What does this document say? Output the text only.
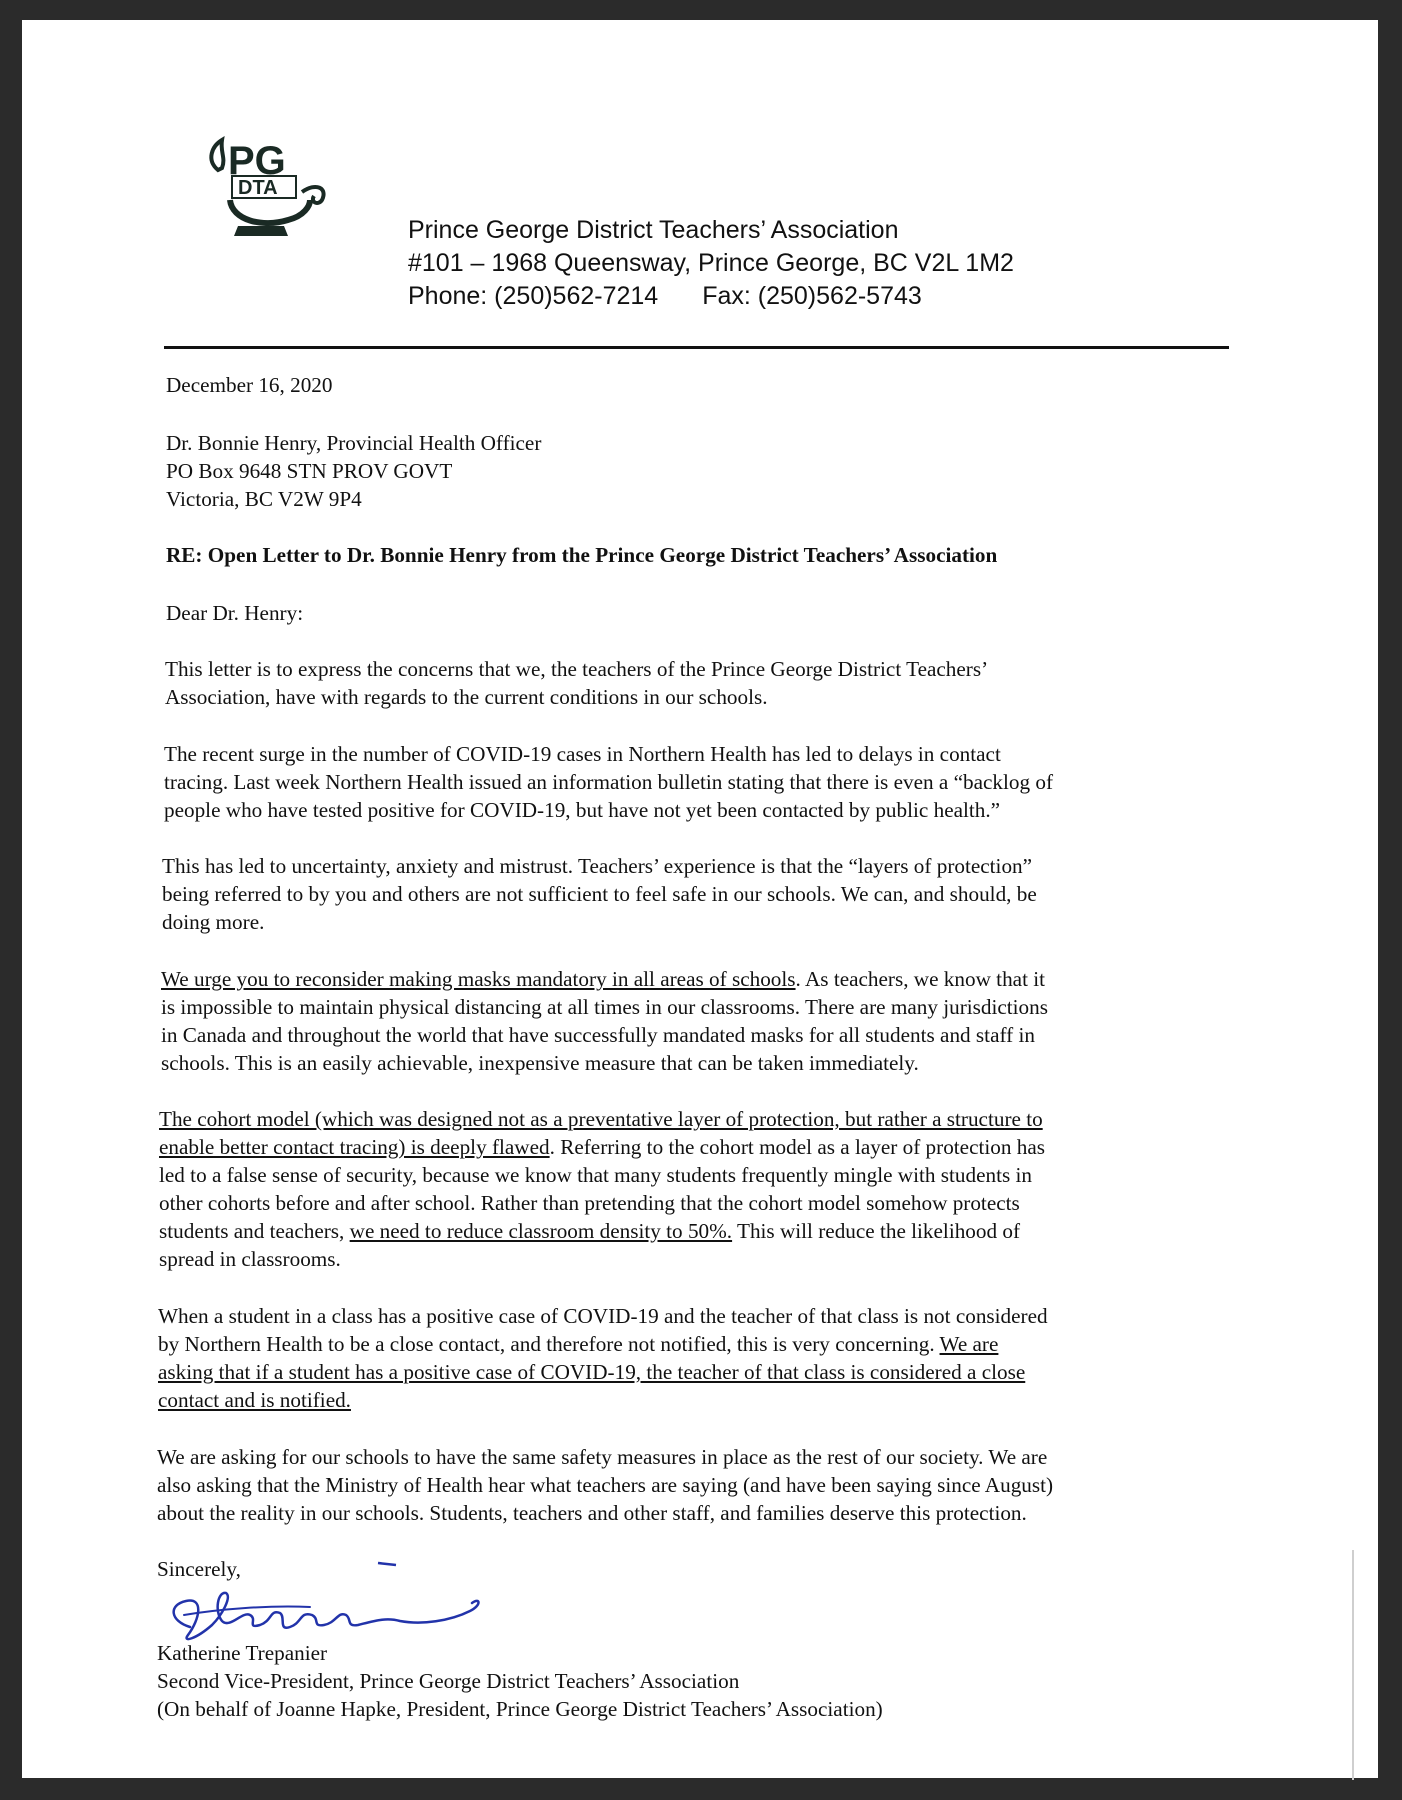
PG
DTA
Prince George District Teachers’ Association
#101 – 1968 Queensway, Prince George, BC V2L 1M2
Phone: (250)562-7214 Fax: (250)562-5743
December 16, 2020
Dr. Bonnie Henry, Provincial Health Officer
PO Box 9648 STN PROV GOVT
Victoria, BC V2W 9P4
RE: Open Letter to Dr. Bonnie Henry from the Prince George District Teachers’ Association
Dear Dr. Henry:
This letter is to express the concerns that we, the teachers of the Prince George District Teachers’
Association, have with regards to the current conditions in our schools.
The recent surge in the number of COVID-19 cases in Northern Health has led to delays in contact
tracing. Last week Northern Health issued an information bulletin stating that there is even a “backlog of
people who have tested positive for COVID-19, but have not yet been contacted by public health.”
This has led to uncertainty, anxiety and mistrust. Teachers’ experience is that the “layers of protection”
being referred to by you and others are not sufficient to feel safe in our schools. We can, and should, be
doing more.
We urge you to reconsider making masks mandatory in all areas of schools. As teachers, we know that it
is impossible to maintain physical distancing at all times in our classrooms. There are many jurisdictions
in Canada and throughout the world that have successfully mandated masks for all students and staff in
schools. This is an easily achievable, inexpensive measure that can be taken immediately.
The cohort model (which was designed not as a preventative layer of protection, but rather a structure to
enable better contact tracing) is deeply flawed. Referring to the cohort model as a layer of protection has
led to a false sense of security, because we know that many students frequently mingle with students in
other cohorts before and after school. Rather than pretending that the cohort model somehow protects
students and teachers, we need to reduce classroom density to 50%. This will reduce the likelihood of
spread in classrooms.
When a student in a class has a positive case of COVID-19 and the teacher of that class is not considered
by Northern Health to be a close contact, and therefore not notified, this is very concerning. We are
asking that if a student has a positive case of COVID-19, the teacher of that class is considered a close
contact and is notified.
We are asking for our schools to have the same safety measures in place as the rest of our society. We are
also asking that the Ministry of Health hear what teachers are saying (and have been saying since August)
about the reality in our schools. Students, teachers and other staff, and families deserve this protection.
Sincerely,
Katherine Trepanier
Second Vice-President, Prince George District Teachers’ Association
(On behalf of Joanne Hapke, President, Prince George District Teachers’ Association)
